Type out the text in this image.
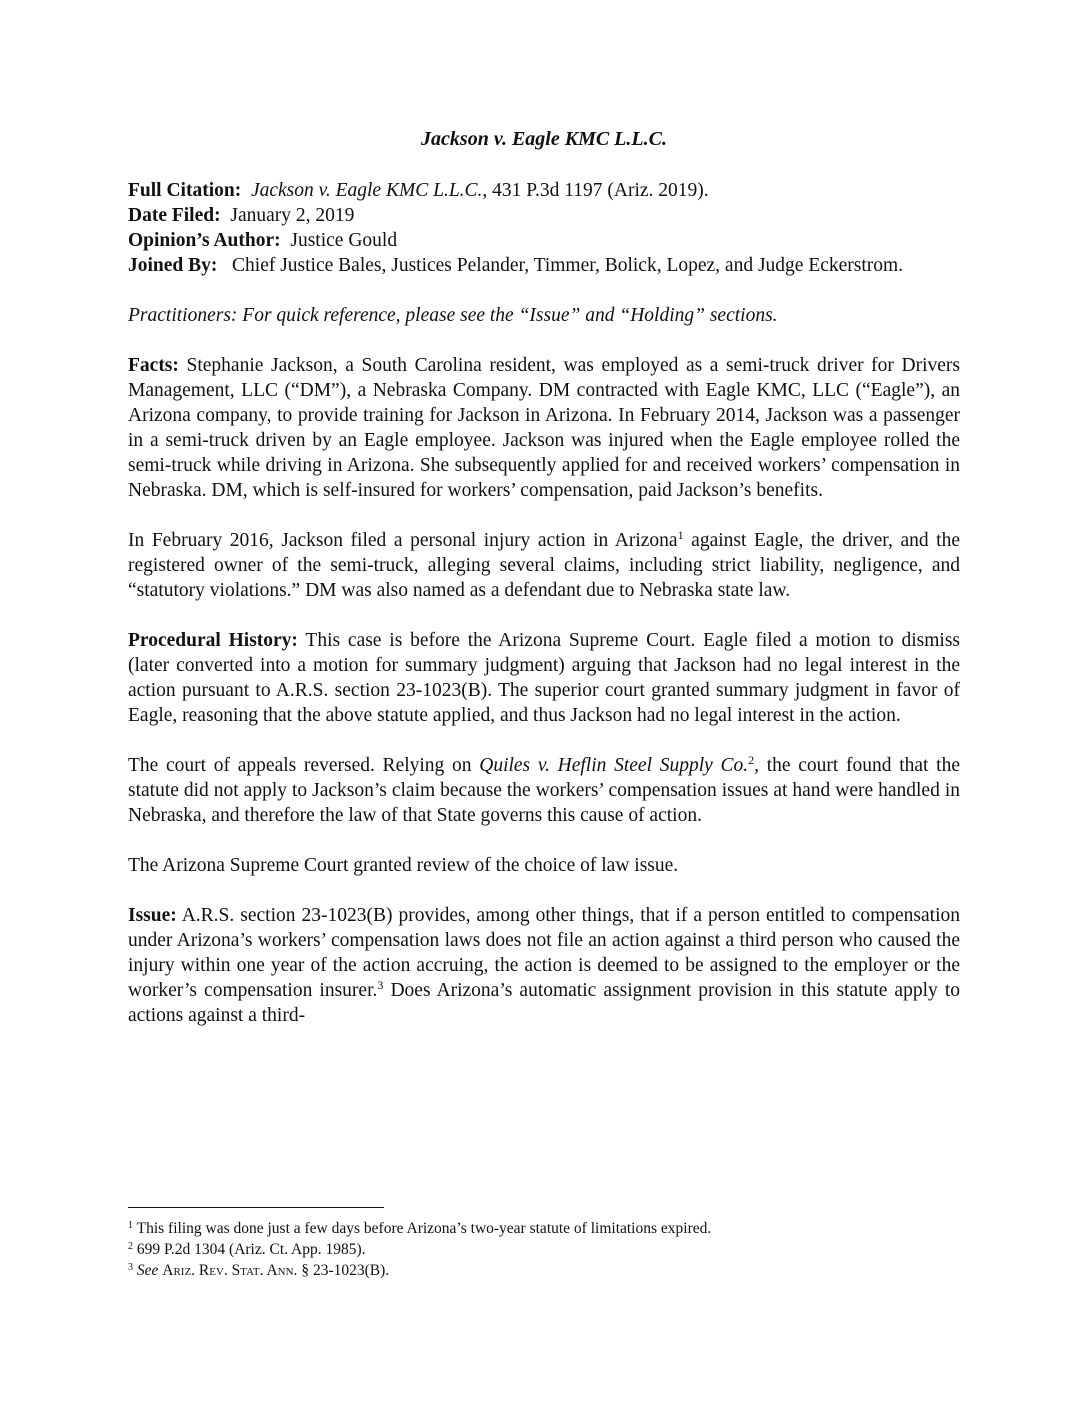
Jackson v. Eagle KMC L.L.C.

Full Citation: Jackson v. Eagle KMC L.L.C., 431 P.3d 1197 (Ariz. 2019).

Date Filed: January 2, 2019

Opinion’s Author: Justice Gould

Joined By: Chief Justice Bales, Justices Pelander, Timmer, Bolick, Lopez, and Judge Eckerstrom.

Practitioners: For quick reference, please see the “Issue” and “Holding” sections.

Facts: Stephanie Jackson, a South Carolina resident, was employed as a semi-truck driver for Drivers Management, LLC (“DM”), a Nebraska Company. DM contracted with Eagle KMC, LLC (“Eagle”), an Arizona company, to provide training for Jackson in Arizona. In February 2014, Jackson was a passenger in a semi-truck driven by an Eagle employee. Jackson was injured when the Eagle employee rolled the semi-truck while driving in Arizona. She subsequently applied for and received workers’ compensation in Nebraska. DM, which is self-insured for workers’ compensation, paid Jackson’s benefits.

In February 2016, Jackson filed a personal injury action in Arizona$^1$ against Eagle, the driver, and the registered owner of the semi-truck, alleging several claims, including strict liability, negligence, and “statutory violations.” DM was also named as a defendant due to Nebraska state law.

Procedural History: This case is before the Arizona Supreme Court. Eagle filed a motion to dismiss (later converted into a motion for summary judgment) arguing that Jackson had no legal interest in the action pursuant to A.R.S. section 23-1023(B). The superior court granted summary judgment in favor of Eagle, reasoning that the above statute applied, and thus Jackson had no legal interest in the action.

The court of appeals reversed. Relying on Quiles v. Heflin Steel Supply Co.$^2$, the court found that the statute did not apply to Jackson’s claim because the workers’ compensation issues at hand were handled in Nebraska, and therefore the law of that State governs this cause of action.

The Arizona Supreme Court granted review of the choice of law issue.

Issue: A.R.S. section 23-1023(B) provides, among other things, that if a person entitled to compensation under Arizona’s workers’ compensation laws does not file an action against a third person who caused the injury within one year of the action accruing, the action is deemed to be assigned to the employer or the worker’s compensation insurer.$^3$ Does Arizona’s automatic assignment provision in this statute apply to actions against a third-

$^1$ This filing was done just a few days before Arizona’s two-year statute of limitations expired.

$^2$ 699 P.2d 1304 (Ariz. Ct. App. 1985).

$^3$ See Ariz. Rev. Stat. Ann. § 23-1023(B).
